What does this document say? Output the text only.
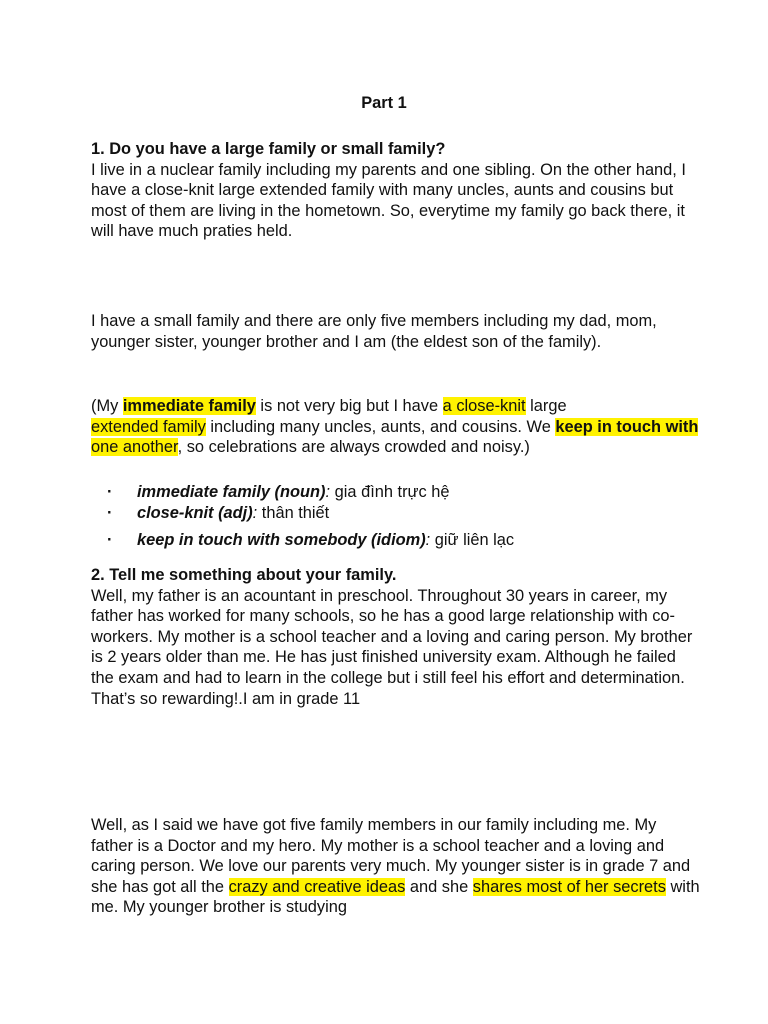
Part 1

1. Do you have a large family or small family?

I live in a nuclear family including my parents and one sibling. On the other hand, I have a close-knit large extended family with many uncles, aunts and cousins but most of them are living in the hometown. So, everytime my family go back there, it will have much praties held.

I have a small family and there are only five members including my dad, mom, younger sister, younger brother and I am (the eldest son of the family).

(My immediate family is not very big but I have a close-knit large
extended family including many uncles, aunts, and cousins. We keep in touch with one another, so celebrations are always crowded and noisy.)

· immediate family (noun): gia đình trực hệ
· close-knit (adj): thân thiết
· keep in touch with somebody (idiom): giữ liên lạc

2. Tell me something about your family.

Well, my father is an acountant in preschool. Throughout 30 years in career, my father has worked for many schools, so he has a good large relationship with co-workers. My mother is a school teacher and a loving and caring person. My brother is 2 years older than me. He has just finished university exam. Although he failed the exam and had to learn in the college but i still feel his effort and determination. That’s so rewarding!.I am in grade 11

Well, as I said we have got five family members in our family including me. My father is a Doctor and my hero. My mother is a school teacher and a loving and caring person. We love our parents very much. My younger sister is in grade 7 and she has got all the crazy and creative ideas and she shares most of her secrets with me. My younger brother is studying
